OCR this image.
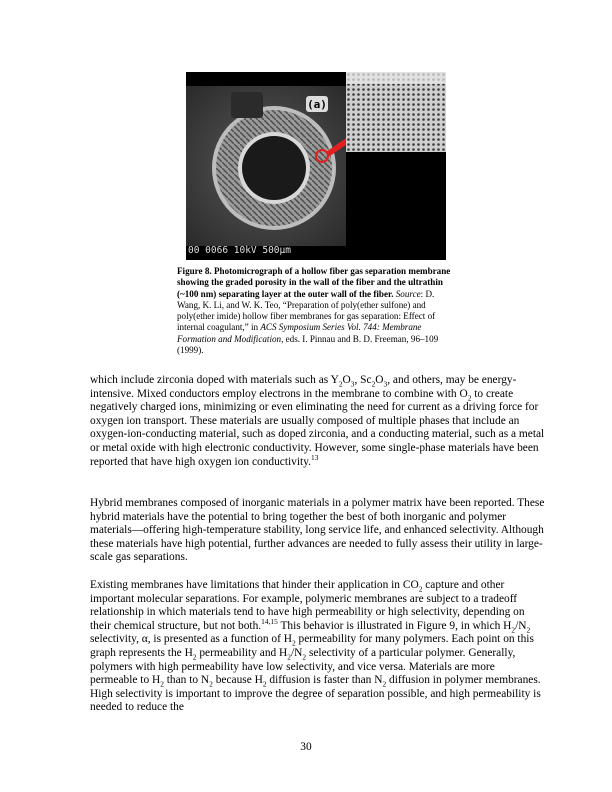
(a)
00 0066 10kV 500µm
Figure 8. Photomicrograph of a hollow fiber gas separation membrane showing the graded porosity in the wall of the fiber and the ultrathin (~100 nm) separating layer at the outer wall of the fiber. Source: D. Wang, K. Li, and W. K. Teo, “Preparation of poly(ether sulfone) and poly(ether imide) hollow fiber membranes for gas separation: Effect of internal coagulant,” in ACS Symposium Series Vol. 744: Membrane Formation and Modification, eds. I. Pinnau and B. D. Freeman, 96–109 (1999).
which include zirconia doped with materials such as $Y_2O_3$, $Sc_2O_3$, and others, may be energy-intensive. Mixed conductors employ electrons in the membrane to combine with $O_2$ to create negatively charged ions, minimizing or even eliminating the need for current as a driving force for oxygen ion transport. These materials are usually composed of multiple phases that include an oxygen-ion-conducting material, such as doped zirconia, and a conducting material, such as a metal or metal oxide with high electronic conductivity. However, some single-phase materials have been reported that have high oxygen ion conductivity.$^{13}$
Hybrid membranes composed of inorganic materials in a polymer matrix have been reported. These hybrid materials have the potential to bring together the best of both inorganic and polymer materials—offering high-temperature stability, long service life, and enhanced selectivity. Although these materials have high potential, further advances are needed to fully assess their utility in large-scale gas separations.
Existing membranes have limitations that hinder their application in $CO_2$ capture and other important molecular separations. For example, polymeric membranes are subject to a tradeoff relationship in which materials tend to have high permeability or high selectivity, depending on their chemical structure, but not both.$^{14,15}$ This behavior is illustrated in Figure 9, in which $H_2/N_2$ selectivity, α, is presented as a function of $H_2$ permeability for many polymers. Each point on this graph represents the $H_2$ permeability and $H_2/N_2$ selectivity of a particular polymer. Generally, polymers with high permeability have low selectivity, and vice versa. Materials are more permeable to $H_2$ than to $N_2$ because $H_2$ diffusion is faster than $N_2$ diffusion in polymer membranes. High selectivity is important to improve the degree of separation possible, and high permeability is needed to reduce the
30
